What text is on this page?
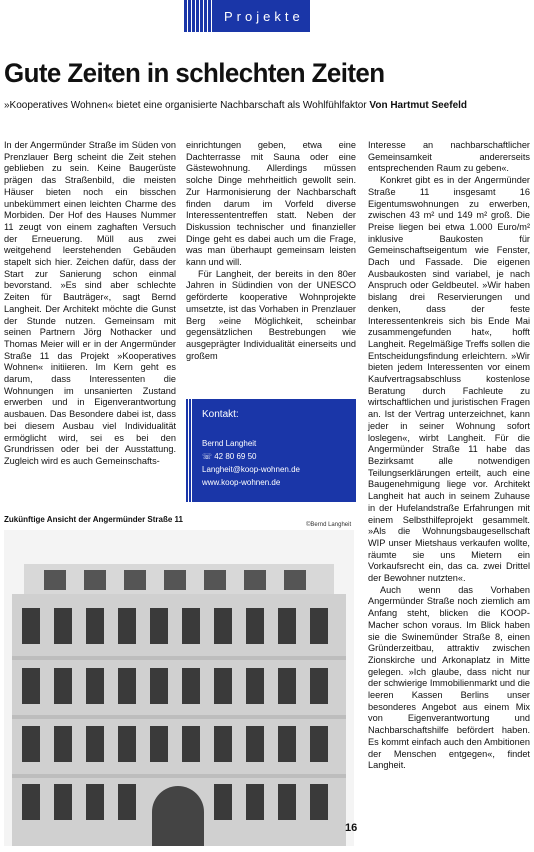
Projekte
Gute Zeiten in schlechten Zeiten
»Kooperatives Wohnen« bietet eine organisierte Nachbarschaft als Wohlfühlfaktor Von Hartmut Seefeld

In der Angermünder Straße im Süden von Prenzlauer Berg scheint die Zeit stehen geblieben zu sein. Keine Baugerüste prägen das Straßenbild, die meisten Häuser bieten noch ein bisschen unbekümmert einen leichten Charme des Morbiden. Der Hof des Hauses Nummer 11 zeugt von einem zaghaften Versuch der Erneuerung. Müll aus zwei weitgehend leerstehenden Gebäuden stapelt sich hier. Zeichen dafür, dass der Start zur Sanierung schon einmal bevorstand. »Es sind aber schlechte Zeiten für Bauträger«, sagt Bernd Langheit. Der Architekt möchte die Gunst der Stunde nutzen. Gemeinsam mit seinen Partnern Jörg Nothacker und Thomas Meier will er in der Angermünder Straße 11 das Projekt »Kooperatives Wohnen« initiieren. Im Kern geht es darum, dass Interessenten die Wohnungen im unsanierten Zustand erwerben und in Eigenverantwortung ausbauen. Das Besondere dabei ist, dass bei diesem Ausbau viel Individualität ermöglicht wird, sei es bei den Grundrissen oder bei der Ausstattung. Zugleich wird es auch Gemeinschafts-

einrichtungen geben, etwa eine Dachterrasse mit Sauna oder eine Gästewohnung. Allerdings müssen solche Dinge mehrheitlich gewollt sein. Zur Harmonisierung der Nachbarschaft finden darum im Vorfeld diverse Interessententreffen statt. Neben der Diskussion technischer und finanzieller Dinge geht es dabei auch um die Frage, was man überhaupt gemeinsam leisten kann und will.

Für Langheit, der bereits in den 80er Jahren in Südindien von der UNESCO geförderte kooperative Wohnprojekte umsetzte, ist das Vorhaben in Prenzlauer Berg »eine Möglichkeit, scheinbar gegensätzlichen Bestrebungen wie ausgeprägter Individualität einerseits und großem

Interesse an nachbarschaftlicher Gemeinsamkeit andererseits entsprechenden Raum zu geben«.

Konkret gibt es in der Angermünder Straße 11 insgesamt 16 Eigentumswohnungen zu erwerben, zwischen 43 m² und 149 m² groß. Die Preise liegen bei etwa 1.000 Euro/m² inklusive Baukosten für Gemeinschaftseigentum wie Fenster, Dach und Fassade. Die eigenen Ausbaukosten sind variabel, je nach Anspruch oder Geldbeutel. »Wir haben bislang drei Reservierungen und denken, dass der feste Interessentenkreis sich bis Ende Mai zusammengefunden hat«, hofft Langheit. Regelmäßige Treffs sollen die Entscheidungsfindung erleichtern. »Wir bieten jedem Interessenten vor einem Kaufvertragsabschluss kostenlose Beratung durch Fachleute zu wirtschaftlichen und juristischen Fragen an. Ist der Vertrag unterzeichnet, kann jeder in seiner Wohnung sofort loslegen«, wirbt Langheit. Für die Angermünder Straße 11 habe das Bezirksamt alle notwendigen Teilungserklärungen erteilt, auch eine Baugenehmigung liege vor. Architekt Langheit hat auch in seinem Zuhause in der Hufelandstraße Erfahrungen mit einem Selbsthilfeprojekt gesammelt. »Als die Wohnungsbaugesellschaft WIP unser Mietshaus verkaufen wollte, räumte sie uns Mietern ein Vorkaufsrecht ein, das ca. zwei Drittel der Bewohner nutzten«.

Auch wenn das Vorhaben Angermünder Straße noch ziemlich am Anfang steht, blicken die KOOP-Macher schon voraus. Im Blick haben sie die Swinemünder Straße 8, einen Gründerzeitbau, attraktiv zwischen Zionskirche und Arkonaplatz in Mitte gelegen. »Ich glaube, dass nicht nur der schwierige Immobilienmarkt und die leeren Kassen Berlins unser besonderes Angebot aus einem Mix von Eigenverantwortung und Nachbarschaftshilfe befördert haben. Es kommt einfach auch den Ambitionen der Menschen entgegen«, findet Langheit.

Kontakt:
Bernd Langheit
☏ 42 80 69 50
Langheit@koop-wohnen.de
www.koop-wohnen.de
Zukünftige Ansicht der Angermünder Straße 11
©Bernd Langheit
16
